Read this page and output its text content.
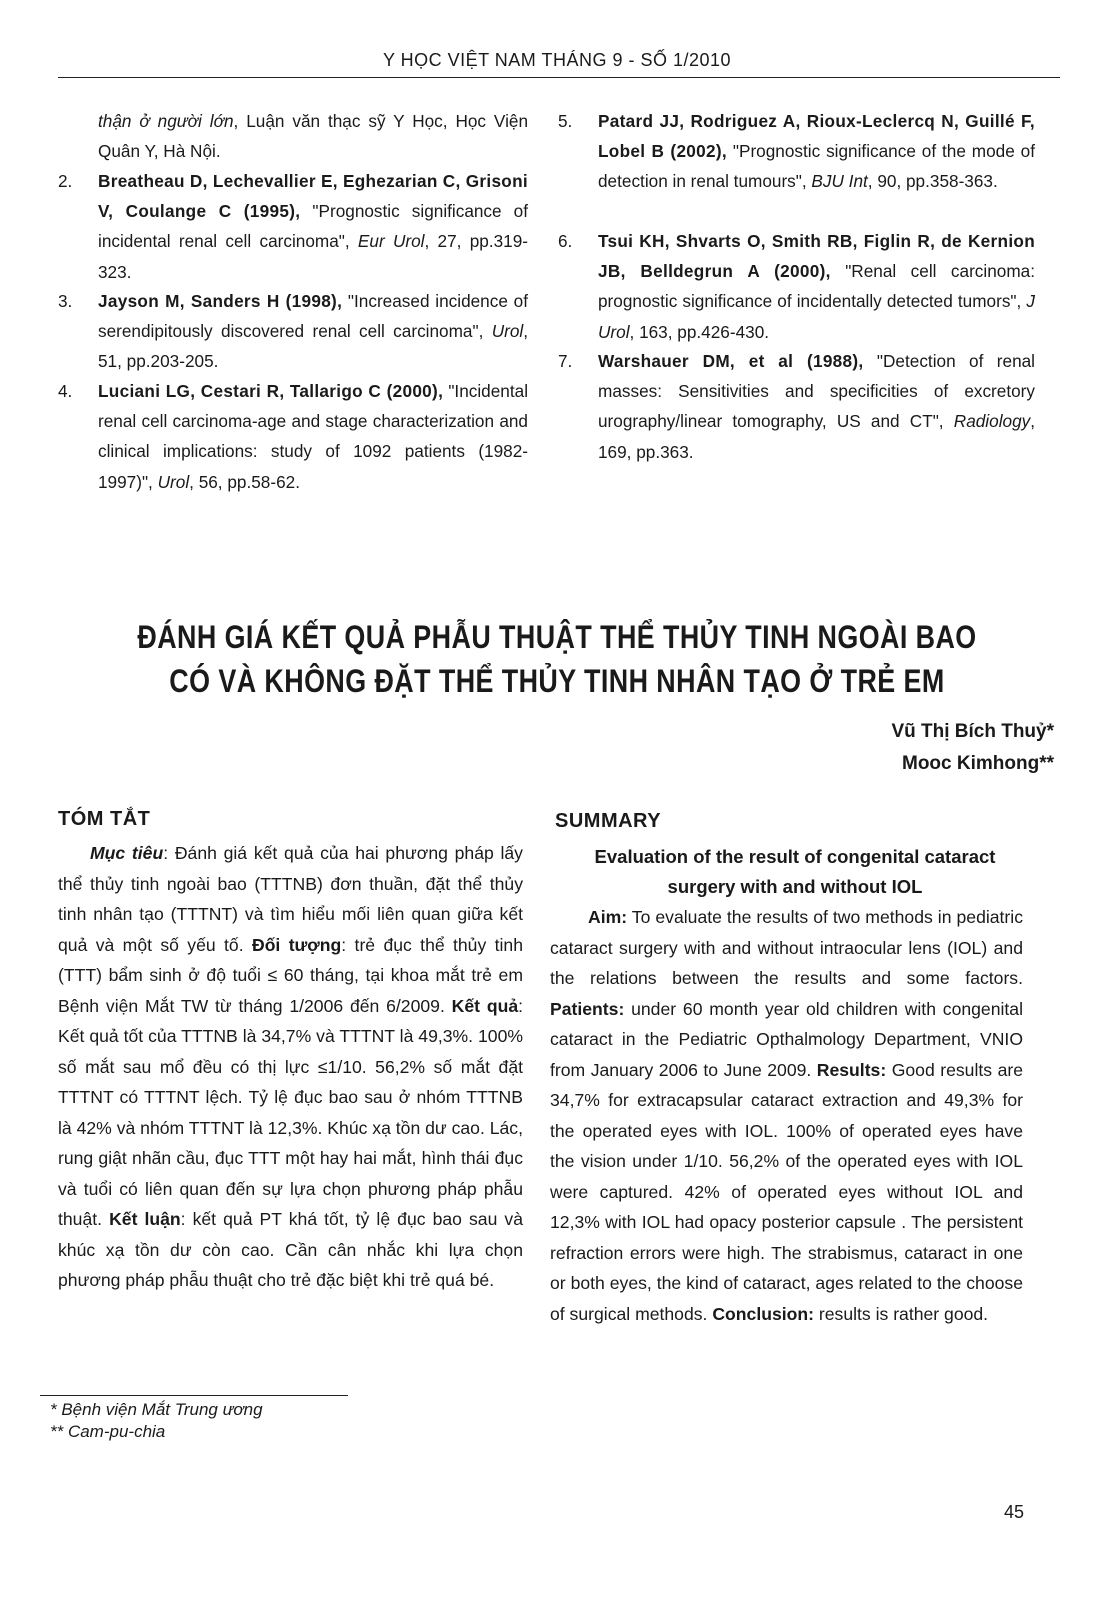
Y HỌC VIỆT NAM THÁNG 9 - SỐ 1/2010
thận ở người lớn, Luận văn thạc sỹ Y Học, Học Viện Quân Y, Hà Nội.
2.	Breatheau D, Lechevallier E, Eghezarian C, Grisoni V, Coulange C (1995), "Prognostic significance of incidental renal cell carcinoma", Eur Urol, 27, pp.319-323.
3.	Jayson M, Sanders H (1998), "Increased incidence of serendipitously discovered renal cell carcinoma", Urol, 51, pp.203-205.
4.	Luciani LG, Cestari R, Tallarigo C (2000), "Incidental renal cell carcinoma-age and stage characterization and clinical implications: study of 1092 patients (1982-1997)", Urol, 56, pp.58-62.
5.	Patard JJ, Rodriguez A, Rioux-Leclercq N, Guillé F, Lobel B (2002), "Prognostic significance of the mode of detection in renal tumours", BJU Int, 90, pp.358-363.
6.	Tsui KH, Shvarts O, Smith RB, Figlin R, de Kernion JB, Belldegrun A (2000), "Renal cell carcinoma: prognostic significance of incidentally detected tumors", J Urol, 163, pp.426-430.
7.	Warshauer DM, et al (1988), "Detection of renal masses: Sensitivities and specificities of excretory urography/linear tomography, US and CT", Radiology, 169, pp.363.
ĐÁNH GIÁ KẾT QUẢ PHẪU THUẬT THỂ THỦY TINH NGOÀI BAO
CÓ VÀ KHÔNG ĐẶT THỂ THỦY TINH NHÂN TẠO Ở TRẺ EM
Vũ Thị Bích Thuỷ*
Mooc Kimhong**
TÓM TẮT
Mục tiêu: Đánh giá kết quả của hai phương pháp lấy thể thủy tinh ngoài bao (TTTNB) đơn thuần, đặt thể thủy tinh nhân tạo (TTTNT) và tìm hiểu mối liên quan giữa kết quả và một số yếu tố. Đối tượng: trẻ đục thể thủy tinh (TTT) bẩm sinh ở độ tuổi ≤ 60 tháng, tại khoa mắt trẻ em Bệnh viện Mắt TW từ tháng 1/2006 đến 6/2009. Kết quả: Kết quả tốt của TTTNB là 34,7% và TTTNT là 49,3%. 100% số mắt sau mổ đều có thị lực ≤1/10. 56,2% số mắt đặt TTTNT có TTTNT lệch. Tỷ lệ đục bao sau ở nhóm TTTNB là 42% và nhóm TTTNT là 12,3%. Khúc xạ tồn dư cao. Lác, rung giật nhãn cầu, đục TTT một hay hai mắt, hình thái đục và tuổi có liên quan đến sự lựa chọn phương pháp phẫu thuật. Kết luận: kết quả PT khá tốt, tỷ lệ đục bao sau và khúc xạ tồn dư còn cao. Cần cân nhắc khi lựa chọn phương pháp phẫu thuật cho trẻ đặc biệt khi trẻ quá bé.
SUMMARY
Evaluation of the result of congenital cataract surgery with and without IOL
Aim: To evaluate the results of two methods in pediatric cataract surgery with and without intraocular lens (IOL) and the relations between the results and some factors. Patients: under 60 month year old children with congenital cataract in the Pediatric Opthalmology Department, VNIO from January 2006 to June 2009. Results: Good results are 34,7% for extracapsular cataract extraction and 49,3% for the operated eyes with IOL. 100% of operated eyes have the vision under 1/10. 56,2% of the operated eyes with IOL were captured. 42% of operated eyes without IOL and 12,3% with IOL had opacy posterior capsule . The persistent refraction errors were high. The strabismus, cataract in one or both eyes, the kind of cataract, ages related to the choose of surgical methods. Conclusion: results is rather good.
* Bệnh viện Mắt Trung ương
** Cam-pu-chia
45
